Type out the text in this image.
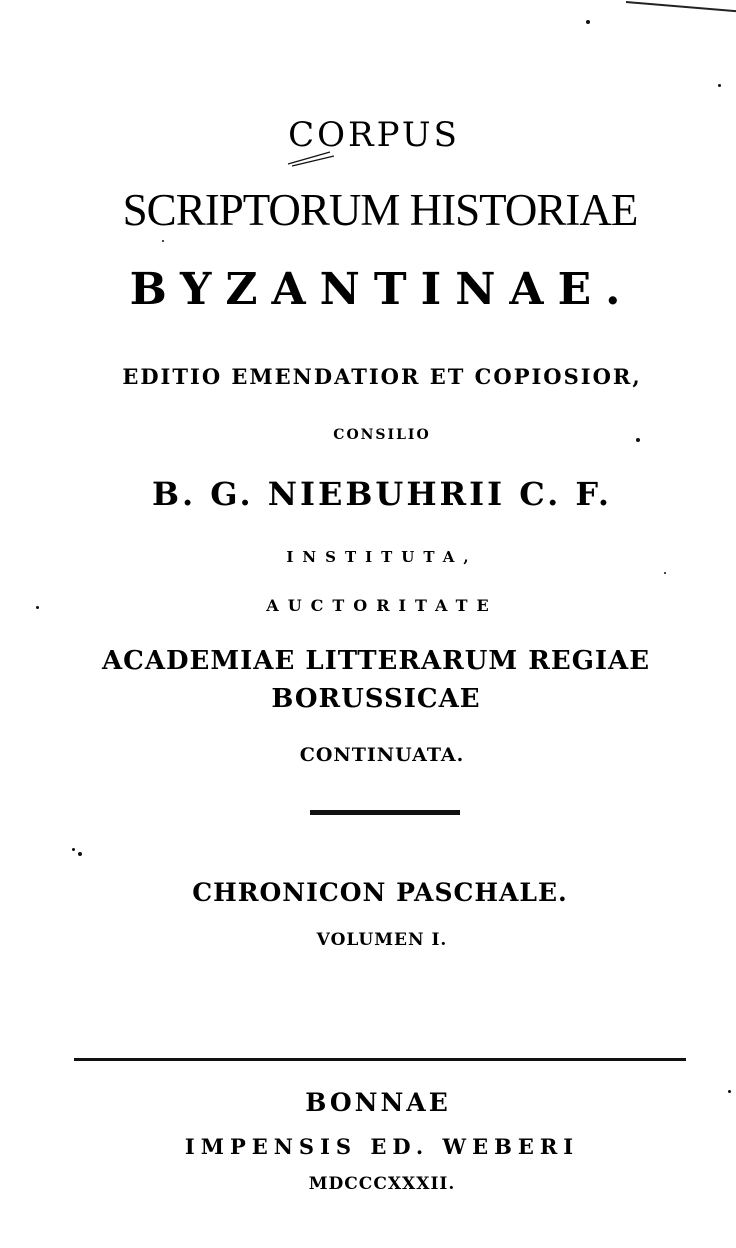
CORPUS
SCRIPTORUM HISTORIAE
BYZANTINAE.
EDITIO EMENDATIOR ET COPIOSIOR,
CONSILIO
B. G. NIEBUHRII C. F.
INSTITUTA,
AUCTORITATE
ACADEMIAE LITTERARUM REGIAE
BORUSSICAE
CONTINUATA.
CHRONICON PASCHALE.
VOLUMEN I.
BONNAE
IMPENSIS ED. WEBERI
MDCCCXXXII.
